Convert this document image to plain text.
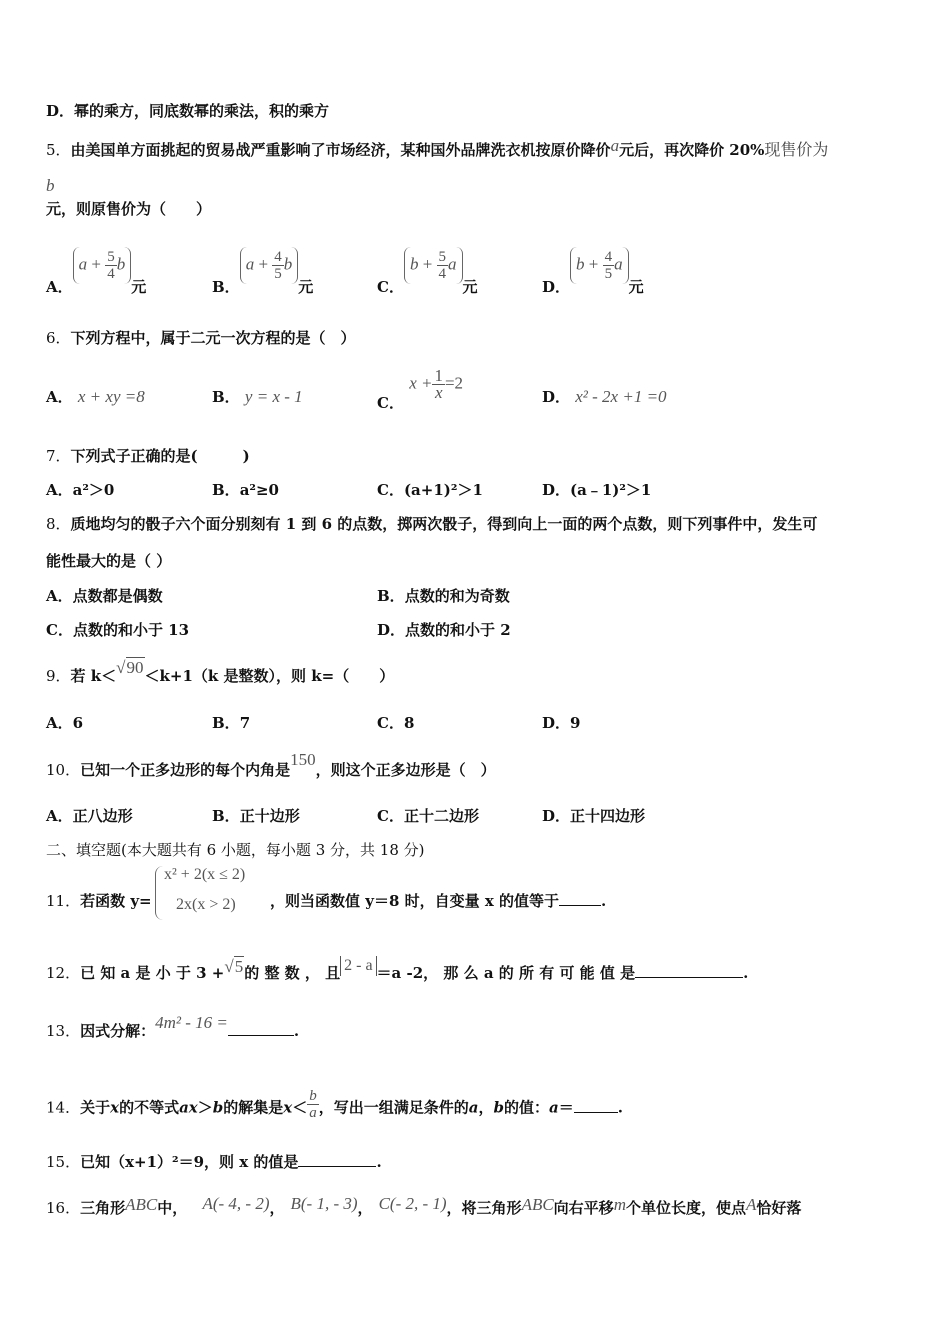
D．幂的乘方，同底数幂的乘法，积的乘方
5．由美国单方面挑起的贸易战严重影响了市场经济，某种国外品牌洗衣机按原价降价a元后，再次降价 20%现售价为
b
元，则原售价为（　　）
A．$a + \frac{5}{4}$ b元	B．$a + \frac{4}{5}$ b元	C．$b + \frac{5}{4}$ a元	D．$b + \frac{4}{5}$ a元
6．下列方程中，属于二元一次方程的是（　）
A． x + xy =8	B． y = x - 1	C． $x + \frac{1}{x} =2$
D． x² - 2x +1 =0
7．下列式子正确的是(　　　)
A．a²＞0	B．a²≥0	C．(a+1)²＞1	D．(a﹣1)²＞1
8．质地均匀的骰子六个面分别刻有 1 到 6 的点数，掷两次骰子，得到向上一面的两个点数，则下列事件中，发生可
能性最大的是（ ）
A．点数都是偶数	B．点数的和为奇数
C．点数的和小于 13	D．点数的和小于 2
9．若 k＜√90＜k+1（k 是整数），则 k=（　　）
A．6	B．7	C．8	D．9
10．已知一个正多边形的每个内角是150，则这个正多边形是（　）
A．正八边形	B．正十边形	C．正十二边形	D．正十四边形
二、填空题(本大题共有 6 小题，每小题 3 分，共 18 分)
11．若函数 y=
x² + 2(x ≤ 2)
2x(x > 2) ，则当函数值 y＝8 时，自变量 x 的值等于	.
12．已 知 a 是 小 于 3 +√5的 整 数 ， 且 2 - a ＝a -2， 那 么 a 的 所 有 可 能 值 是	.
13．因式分解：4m² - 16 =	.
14．关于x的不等式ax＞b的解集是$x< \frac{b}{a}$ ，写出一组满足条件的a，b的值：a＝	.
15．已知（x+1）²＝9，则 x 的值是	.
16．三角形ABC中， A(- 4, - 2)， B(- 1, - 3)， C(- 2, - 1)，将三角形ABC向右平移m个单位长度，使点A恰好落
